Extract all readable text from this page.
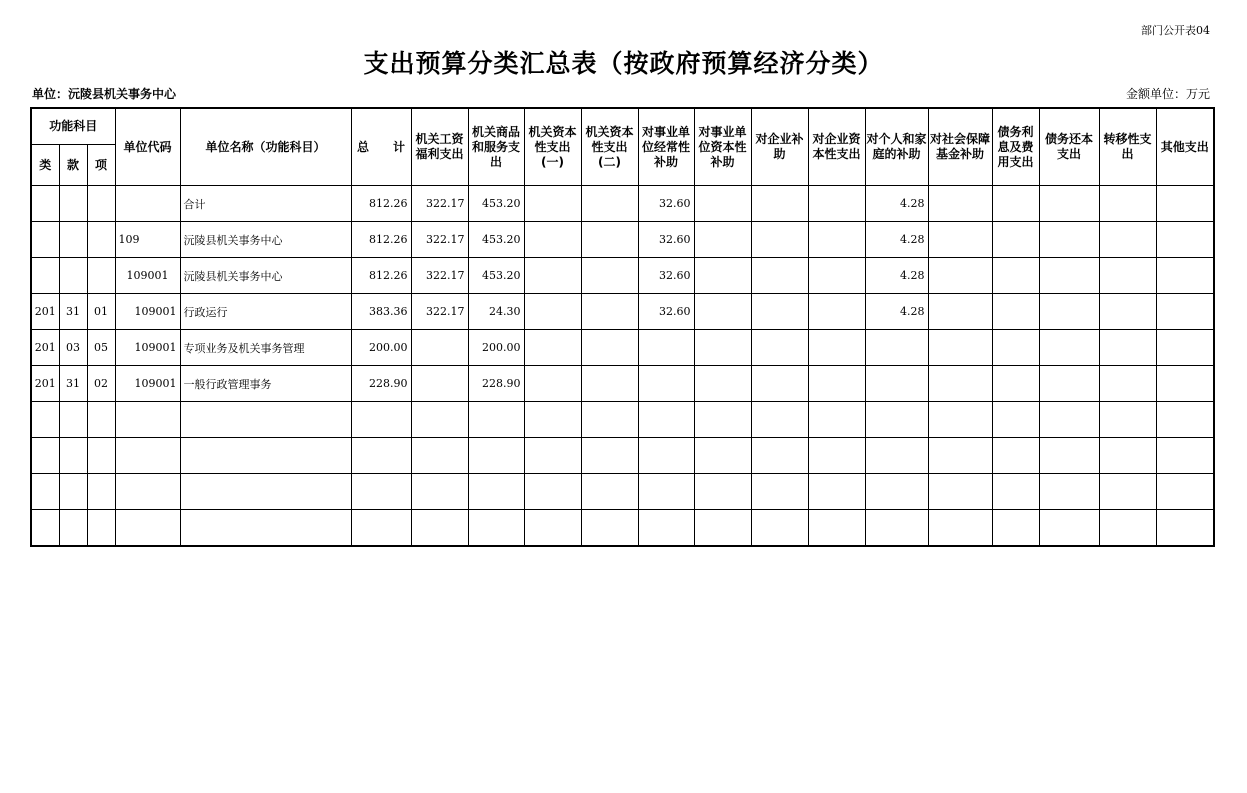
部门公开表04
支出预算分类汇总表（按政府预算经济分类）
单位：沅陵县机关事务中心	金额单位：万元
功能科目			单位代码	单位名称（功能科目）	总　　计	机关工资福利支出	机关商品和服务支出	机关资本性支出(一)	机关资本性支出(二)	对事业单位经常性补助	对事业单位资本性补助	对企业补助	对企业资本性支出	对个人和家庭的补助	对社会保障基金补助	债务利息及费用支出	债务还本支出	转移性支出	其他支出
类	款	项																	
				合计	812.26	322.17	453.20			32.60				4.28					
			109	沅陵县机关事务中心	812.26	322.17	453.20			32.60				4.28					
			109001	沅陵县机关事务中心	812.26	322.17	453.20			32.60				4.28					
201	31	01	109001	行政运行	383.36	322.17	24.30			32.60				4.28					
201	03	05	109001	专项业务及机关事务管理	200.00		200.00												
201	31	02	109001	一般行政管理事务	228.90		228.90												
